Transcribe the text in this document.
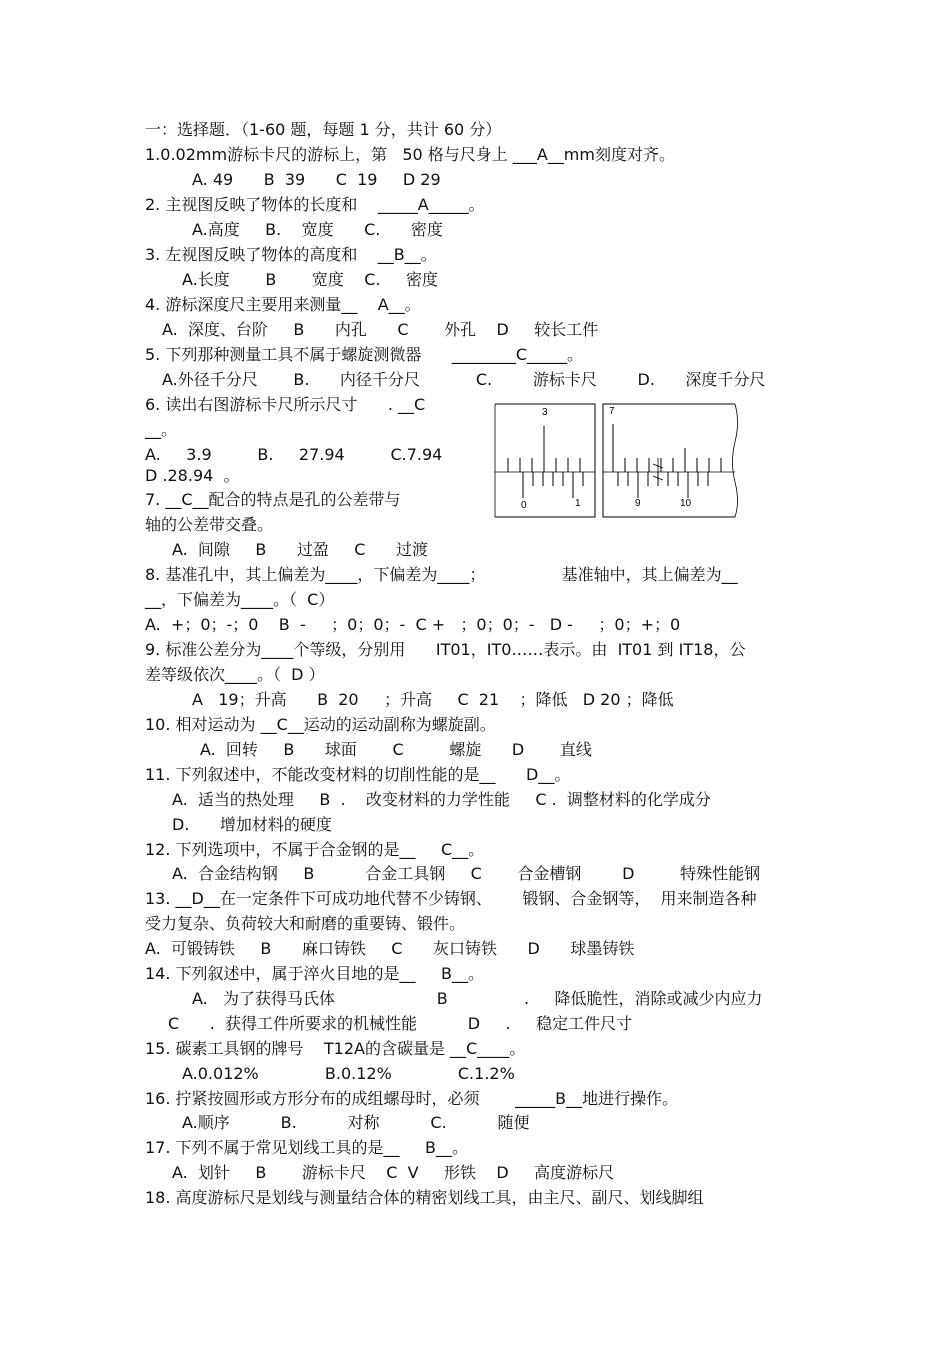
一：选择题．（1-60 题，每题 1 分，共计 60 分）
1.0.02mm游标卡尺的游标上，第   50 格与尺身上 ___A__mm刻度对齐。
A. 49      B  39      C  19     D 29
2. 主视图反映了物体的长度和    _____A_____。
A.高度     B.    宽度      C.      密度
3. 左视图反映了物体的高度和    __B__。
A.长度       B       宽度    C.     密度
4. 游标深度尺主要用来测量__    A__。
A.  深度、台阶     B      内孔      C       外孔    D     较长工件
5. 下列那种测量工具不属于螺旋测微器      ________C_____。
A.外径千分尺       B.      内径千分尺           C.        游标卡尺        D.      深度千分尺
6. 读出右图游标卡尺所示尺寸      . __C
__。
A.     3.9         B.     27.94         C.7.94
D .28.94  。
7. __C__配合的特点是孔的公差带与
轴的公差带交叠。
A.  间隙     B      过盈     C      过渡
8. 基准孔中，其上偏差为____，下偏差为____；               基准轴中，其上偏差为__
__，下偏差为____。（  C）
A.  +；0；-；0    B  -     ；0；0；-  C +   ；0；0；-   D -     ；0；+；0
9. 标准公差分为____个等级，分别用      IT01，IT0……表示。由  IT01 到 IT18，公
差等级依次____。（  D ）
A   19；升高      B  20     ；升高     C  21    ；降低   D 20 ；降低
10. 相对运动为 __C__运动的运动副称为螺旋副。
A.  回转     B      球面       C         螺旋      D       直线
11. 下列叙述中，不能改变材料的切削性能的是__      D__。
A.  适当的热处理     B  .    改变材料的力学性能     C .  调整材料的化学成分
D.      增加材料的硬度
12. 下列选项中，不属于合金钢的是__     C__。
A.  合金结构钢     B          合金工具钢     C       合金槽钢        D         特殊性能钢
13. __D__在一定条件下可成功地代替不少铸钢、      锻钢、合金钢等，  用来制造各种
受力复杂、负荷较大和耐磨的重要铸、锻件。
A.  可锻铸铁     B      麻口铸铁     C      灰口铸铁      D      球墨铸铁
14. 下列叙述中，属于淬火目地的是__     B__。
A.   为了获得马氏体                    B               .     降低脆性，消除或减少内应力
C      .  获得工件所要求的机械性能          D     .     稳定工件尺寸
15. 碳素工具钢的牌号    T12A的含碳量是 __C____。
A.0.012%             B.0.12%             C.1.2%
16. 拧紧按圆形或方形分布的成组螺母时，必须       _____B__地进行操作。
A.顺序          B.          对称          C.          随便
17. 下列不属于常见划线工具的是__     B__。
A.  划针     B       游标卡尺    C  V     形铁    D     高度游标尺
18. 高度游标尺是划线与测量结合体的精密划线工具，由主尺、副尺、划线脚组
3
0	1
7
9	10
